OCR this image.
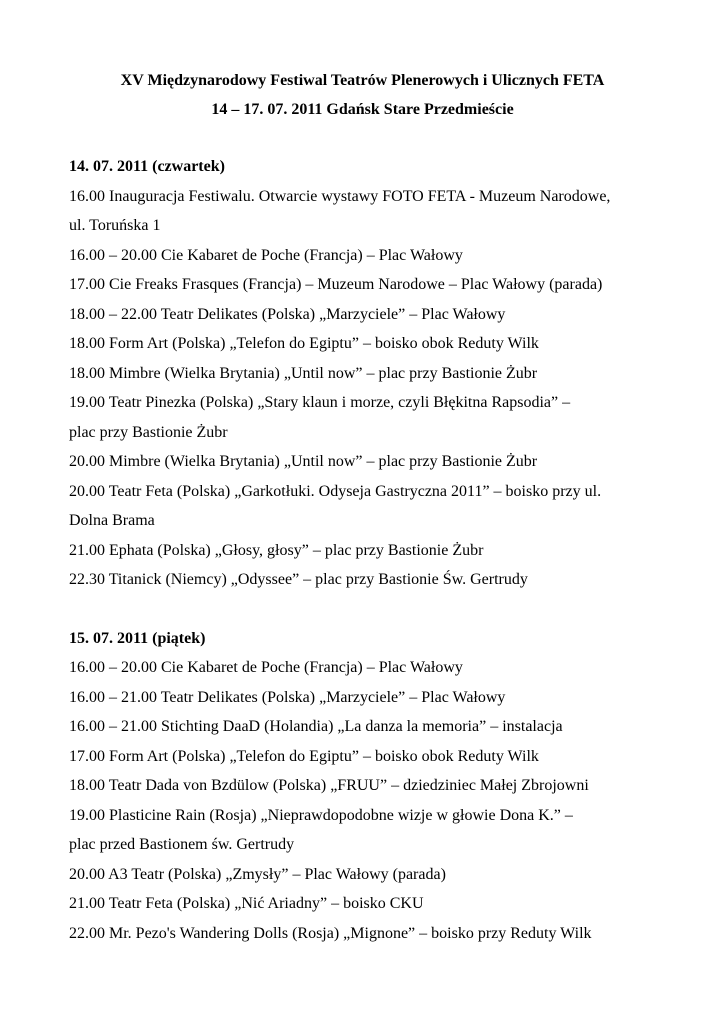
XV Międzynarodowy Festiwal Teatrów Plenerowych i Ulicznych FETA
14 – 17. 07. 2011 Gdańsk Stare Przedmieście
14. 07. 2011 (czwartek)
16.00 Inauguracja Festiwalu. Otwarcie wystawy FOTO FETA - Muzeum Narodowe,
ul. Toruńska 1
16.00 – 20.00 Cie Kabaret de Poche (Francja) – Plac Wałowy
17.00 Cie Freaks Frasques (Francja) – Muzeum Narodowe – Plac Wałowy (parada)
18.00 – 22.00 Teatr Delikates (Polska) „Marzyciele” – Plac Wałowy
18.00 Form Art (Polska) „Telefon do Egiptu” – boisko obok Reduty Wilk
18.00 Mimbre (Wielka Brytania) „Until now” – plac przy Bastionie Żubr
19.00 Teatr Pinezka (Polska) „Stary klaun i morze, czyli Błękitna Rapsodia” –
plac przy Bastionie Żubr
20.00 Mimbre (Wielka Brytania) „Until now” – plac przy Bastionie Żubr
20.00 Teatr Feta (Polska) „Garkotłuki. Odyseja Gastryczna 2011” – boisko przy ul.
Dolna Brama
21.00 Ephata (Polska) „Głosy, głosy” – plac przy Bastionie Żubr
22.30 Titanick (Niemcy) „Odyssee” – plac przy Bastionie Św. Gertrudy
15. 07. 2011 (piątek)
16.00 – 20.00 Cie Kabaret de Poche (Francja) – Plac Wałowy
16.00 – 21.00 Teatr Delikates (Polska) „Marzyciele” – Plac Wałowy
16.00 – 21.00 Stichting DaaD (Holandia) „La danza la memoria” – instalacja
17.00 Form Art (Polska) „Telefon do Egiptu” – boisko obok Reduty Wilk
18.00 Teatr Dada von Bzdülow (Polska) „FRUU” – dziedziniec Małej Zbrojowni
19.00 Plasticine Rain (Rosja) „Nieprawdopodobne wizje w głowie Dona K.” –
plac przed Bastionem św. Gertrudy
20.00 A3 Teatr (Polska) „Zmysły” – Plac Wałowy (parada)
21.00 Teatr Feta (Polska) „Nić Ariadny” – boisko CKU
22.00 Mr. Pezo's Wandering Dolls (Rosja) „Mignone” – boisko przy Reduty Wilk
